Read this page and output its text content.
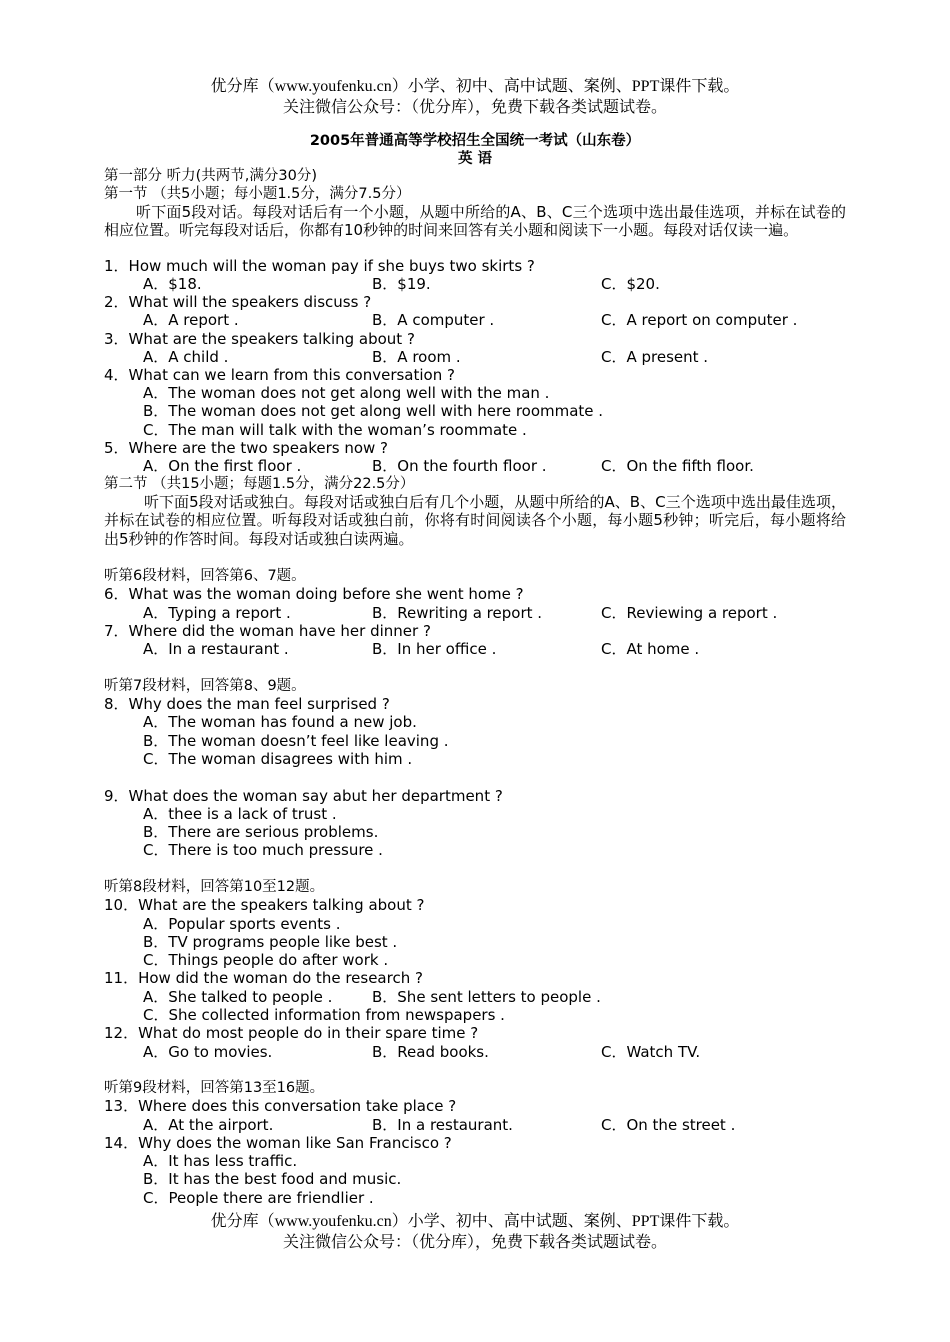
优分库（www.youfenku.cn）小学、初中、高中试题、案例、PPT课件下载。
关注微信公众号：（优分库），免费下载各类试题试卷。
2005年普通高等学校招生全国统一考试（山东卷）
英 语
第一部分 听力(共两节,满分30分)
第一节 （共5小题；每小题1.5分，满分7.5分）
听下面5段对话。每段对话后有一个小题，从题中所给的A、B、C三个选项中选出最佳选项，并标在试卷的相应位置。听完每段对话后，你都有10秒钟的时间来回答有关小题和阅读下一小题。每段对话仅读一遍。
1．How much will the woman pay if she buys two skirts ?
A．$18.	B．$19.	C．$20.
2．What will the speakers discuss ?
A．A report .	B．A computer .	C．A report on computer .
3．What are the speakers talking about ?
A．A child .	B．A room .	C．A present .
4．What can we learn from this conversation ?
A．The woman does not get along well with the man .
B．The woman does not get along well with here roommate .
C．The man will talk with the woman’s roommate .
5．Where are the two speakers now ?
A．On the first floor .	B．On the fourth floor .	C．On the fifth floor.
第二节 （共15小题；每题1.5分，满分22.5分）
听下面5段对话或独白。每段对话或独白后有几个小题，从题中所给的A、B、C三个选项中选出最佳选项，并标在试卷的相应位置。听每段对话或独白前，你将有时间阅读各个小题，每小题5秒钟；听完后，每小题将给出5秒钟的作答时间。每段对话或独白读两遍。
听第6段材料，回答第6、7题。
6．What was the woman doing before she went home ?
A．Typing a report .	B．Rewriting a report .	C．Reviewing a report .
7．Where did the woman have her dinner ?
A．In a restaurant .	B．In her office .	C．At home .
听第7段材料，回答第8、9题。
8．Why does the man feel surprised ?
A．The woman has found a new job.
B．The woman doesn’t feel like leaving .
C．The woman disagrees with him .
9．What does the woman say abut her department ?
A．thee is a lack of trust .
B．There are serious problems.
C．There is too much pressure .
听第8段材料，回答第10至12题。
10．What are the speakers talking about ?
A．Popular sports events .
B．TV programs people like best .
C．Things people do after work .
11．How did the woman do the research ?
A．She talked to people .	B．She sent letters to people .
C．She collected information from newspapers .
12．What do most people do in their spare time ?
A．Go to movies.	B．Read books.	C．Watch TV.
听第9段材料，回答第13至16题。
13．Where does this conversation take place ?
A．At the airport.	B．In a restaurant.	C．On the street .
14．Why does the woman like San Francisco ?
A．It has less traffic.
B．It has the best food and music.
C．People there are friendlier .
优分库（www.youfenku.cn）小学、初中、高中试题、案例、PPT课件下载。
关注微信公众号：（优分库），免费下载各类试题试卷。
